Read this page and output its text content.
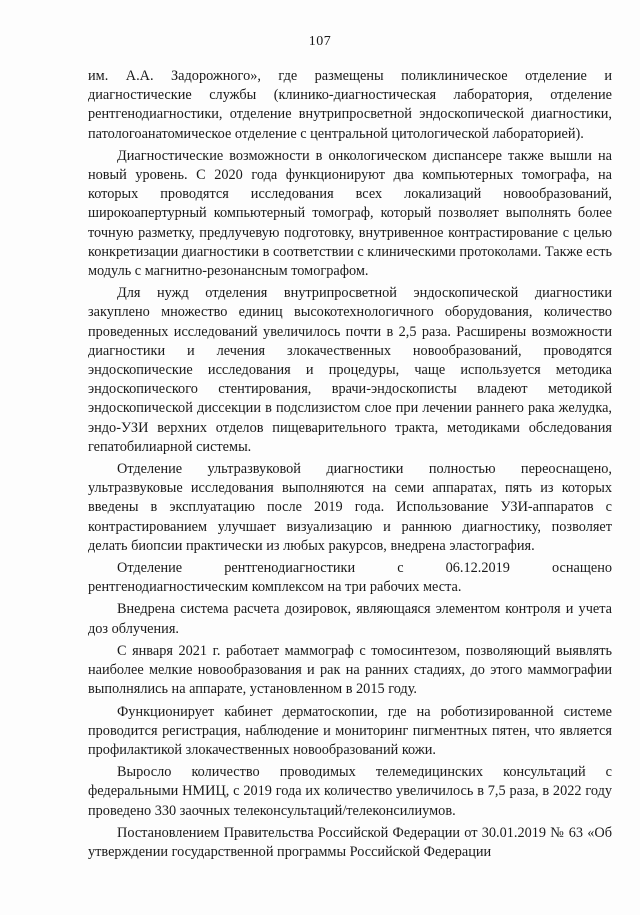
107

им. А.А. Задорожного», где размещены поликлиническое отделение и диагностические службы (клинико-диагностическая лаборатория, отделение рентгенодиагностики, отделение внутрипросветной эндоскопической диагностики, патологоанатомическое отделение с центральной цитологической лабораторией).

Диагностические возможности в онкологическом диспансере также вышли на новый уровень. С 2020 года функционируют два компьютерных томографа, на которых проводятся исследования всех локализаций новообразований, широкоапертурный компьютерный томограф, который позволяет выполнять более точную разметку, предлучевую подготовку, внутривенное контрастирование с целью конкретизации диагностики в соответствии с клиническими протоколами. Также есть модуль с магнитно-резонансным томографом.

Для нужд отделения внутрипросветной эндоскопической диагностики закуплено множество единиц высокотехнологичного оборудования, количество проведенных исследований увеличилось почти в 2,5 раза. Расширены возможности диагностики и лечения злокачественных новообразований, проводятся эндоскопические исследования и процедуры, чаще используется методика эндоскопического стентирования, врачи-эндоскописты владеют методикой эндоскопической диссекции в подслизистом слое при лечении раннего рака желудка, эндо-УЗИ верхних отделов пищеварительного тракта, методиками обследования гепатобилиарной системы.

Отделение ультразвуковой диагностики полностью переоснащено, ультразвуковые исследования выполняются на семи аппаратах, пять из которых введены в эксплуатацию после 2019 года. Использование УЗИ-аппаратов с контрастированием улучшает визуализацию и раннюю диагностику, позволяет делать биопсии практически из любых ракурсов, внедрена эластография.

Отделение рентгенодиагностики с 06.12.2019 оснащено рентгенодиагностическим комплексом на три рабочих места.

Внедрена система расчета дозировок, являющаяся элементом контроля и учета доз облучения.

С января 2021 г. работает маммограф с томосинтезом, позволяющий выявлять наиболее мелкие новообразования и рак на ранних стадиях, до этого маммографии выполнялись на аппарате, установленном в 2015 году.

Функционирует кабинет дерматоскопии, где на роботизированной системе проводится регистрация, наблюдение и мониторинг пигментных пятен, что является профилактикой злокачественных новообразований кожи.

Выросло количество проводимых телемедицинских консультаций с федеральными НМИЦ, с 2019 года их количество увеличилось в 7,5 раза, в 2022 году проведено 330 заочных телеконсультаций/телеконсилиумов.

Постановлением Правительства Российской Федерации от 30.01.2019 № 63 «Об утверждении государственной программы Российской Федерации
